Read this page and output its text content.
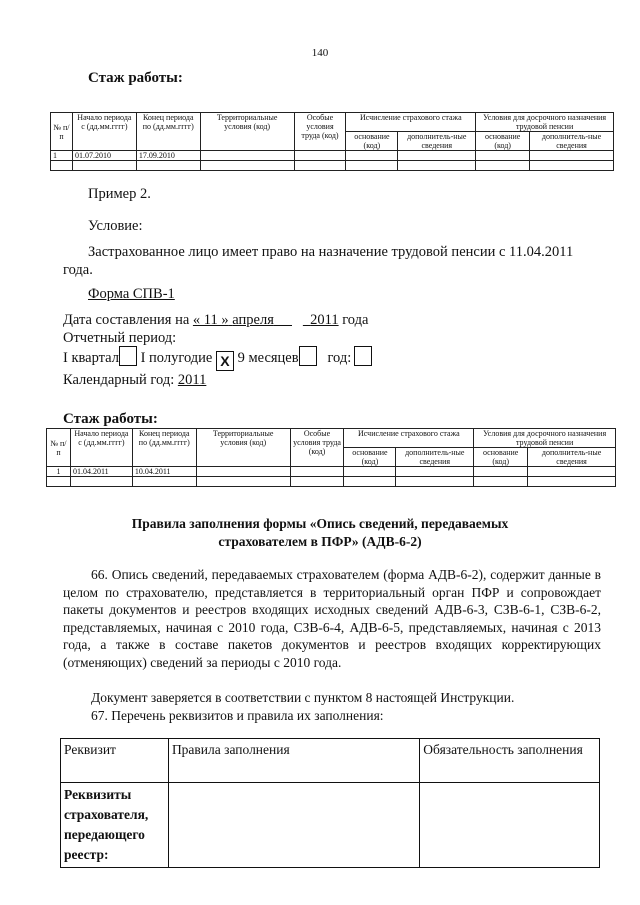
140
Стаж работы:
№ п/п	Начало периода с (дд.мм.гггг)	Конец периода по (дд.мм.гггг)	Территориальные условия (код)	Особые условия труда (код)	Исчисление страхового стажа		Условия для досрочного назначения трудовой пенсии	
					основание (код)	дополнитель-ные сведения	основание (код)	дополнитель-ные сведения
1	01.07.2010	17.09.2010						

Пример 2.
Условие:
Застрахованное лицо имеет право на назначение трудовой пенсии с 11.04.2011
года.
Форма СПВ-1
Дата составления на « 11 » апреля	2011 года
Отчетный период:
I квартал I полугодие X 9 месяцев год:
Календарный год: 2011
Стаж работы:
№ п/п	Начало периода с (дд.мм.гггг)	Конец периода по (дд.мм.гггг)	Территориальные условия (код)	Особые условия труда (код)	Исчисление страхового стажа		Условия для досрочного назначения трудовой пенсии	
					основание (код)	дополнитель-ные сведения	основание (код)	дополнитель-ные сведения
1	01.04.2011	10.04.2011						

Правила заполнения формы «Опись сведений, передаваемых
страхователем в ПФР» (АДВ-6-2)
66. Опись сведений, передаваемых страхователем (форма АДВ-6-2), содержит данные в целом по страхователю, представляется в территориальный орган ПФР и сопровождает пакеты документов и реестров входящих исходных сведений АДВ-6-3, СЗВ-6-1, СЗВ-6-2, представляемых, начиная с 2010 года, СЗВ-6-4, АДВ-6-5, представляемых, начиная с 2013 года, а также в составе пакетов документов и реестров входящих корректирующих (отменяющих) сведений за периоды с 2010 года.
Документ заверяется в соответствии с пунктом 8 настоящей Инструкции.
67. Перечень реквизитов и правила их заполнения:
Реквизит	Правила заполнения	Обязательность заполнения
Реквизиты страхователя, передающего реестр:		
